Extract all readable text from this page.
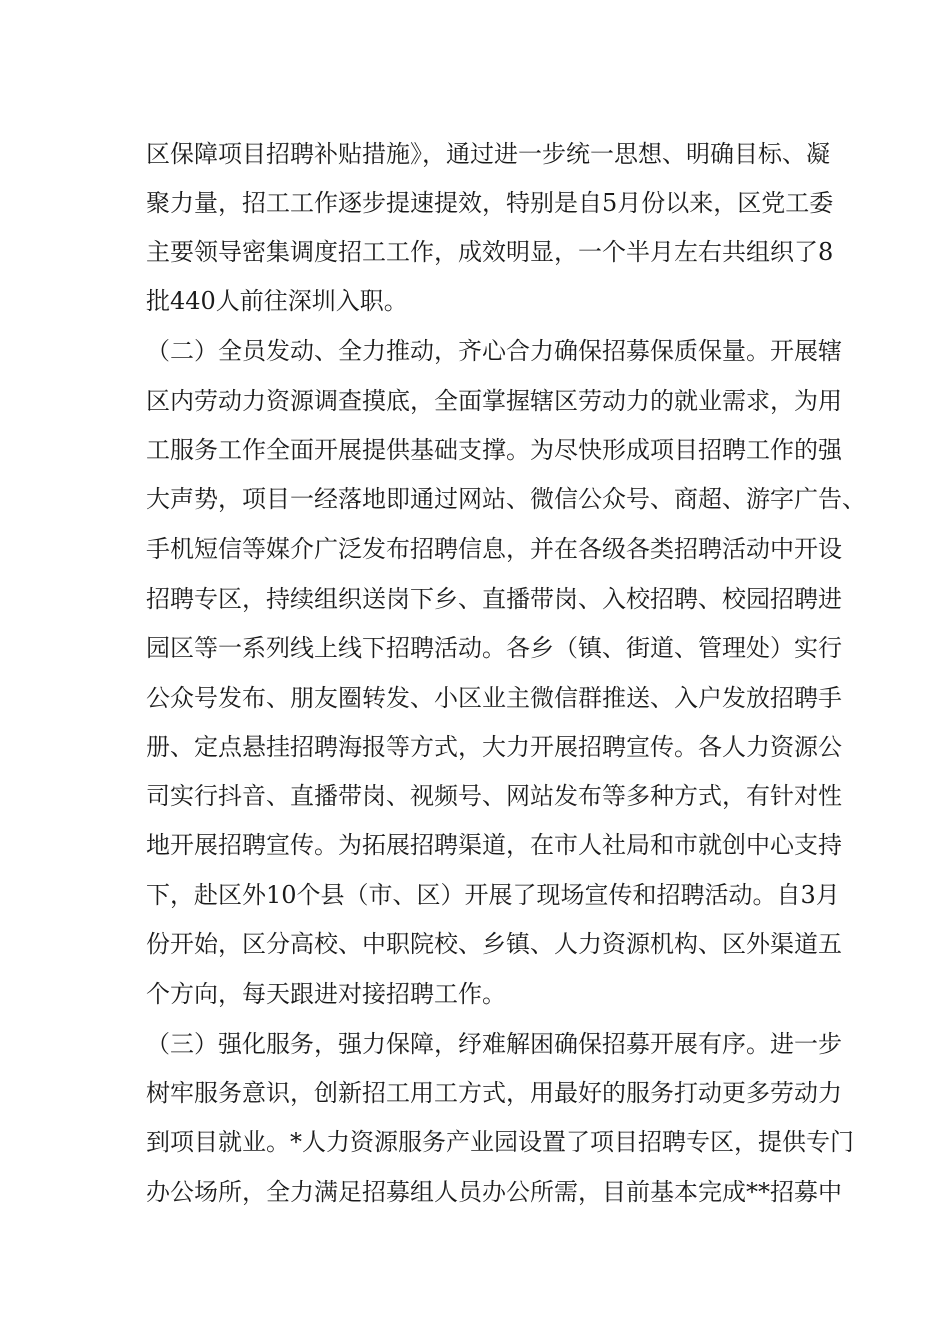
区保障项目招聘补贴措施》，通过进一步统一思想、明确目标、凝
聚力量，招工工作逐步提速提效，特别是自5月份以来，区党工委
主要领导密集调度招工工作，成效明显，一个半月左右共组织了8
批440人前往深圳入职。
（二）全员发动、全力推动，齐心合力确保招募保质保量。开展辖
区内劳动力资源调查摸底，全面掌握辖区劳动力的就业需求，为用
工服务工作全面开展提供基础支撑。为尽快形成项目招聘工作的强
大声势，项目一经落地即通过网站、微信公众号、商超、游字广告、
手机短信等媒介广泛发布招聘信息，并在各级各类招聘活动中开设
招聘专区，持续组织送岗下乡、直播带岗、入校招聘、校园招聘进
园区等一系列线上线下招聘活动。各乡（镇、街道、管理处）实行
公众号发布、朋友圈转发、小区业主微信群推送、入户发放招聘手
册、定点悬挂招聘海报等方式，大力开展招聘宣传。各人力资源公
司实行抖音、直播带岗、视频号、网站发布等多种方式，有针对性
地开展招聘宣传。为拓展招聘渠道，在市人社局和市就创中心支持
下，赴区外10个县（市、区）开展了现场宣传和招聘活动。自3月
份开始，区分高校、中职院校、乡镇、人力资源机构、区外渠道五
个方向，每天跟进对接招聘工作。
（三）强化服务，强力保障，纾难解困确保招募开展有序。进一步
树牢服务意识，创新招工用工方式，用最好的服务打动更多劳动力
到项目就业。*人力资源服务产业园设置了项目招聘专区，提供专门
办公场所，全力满足招募组人员办公所需，目前基本完成**招募中
